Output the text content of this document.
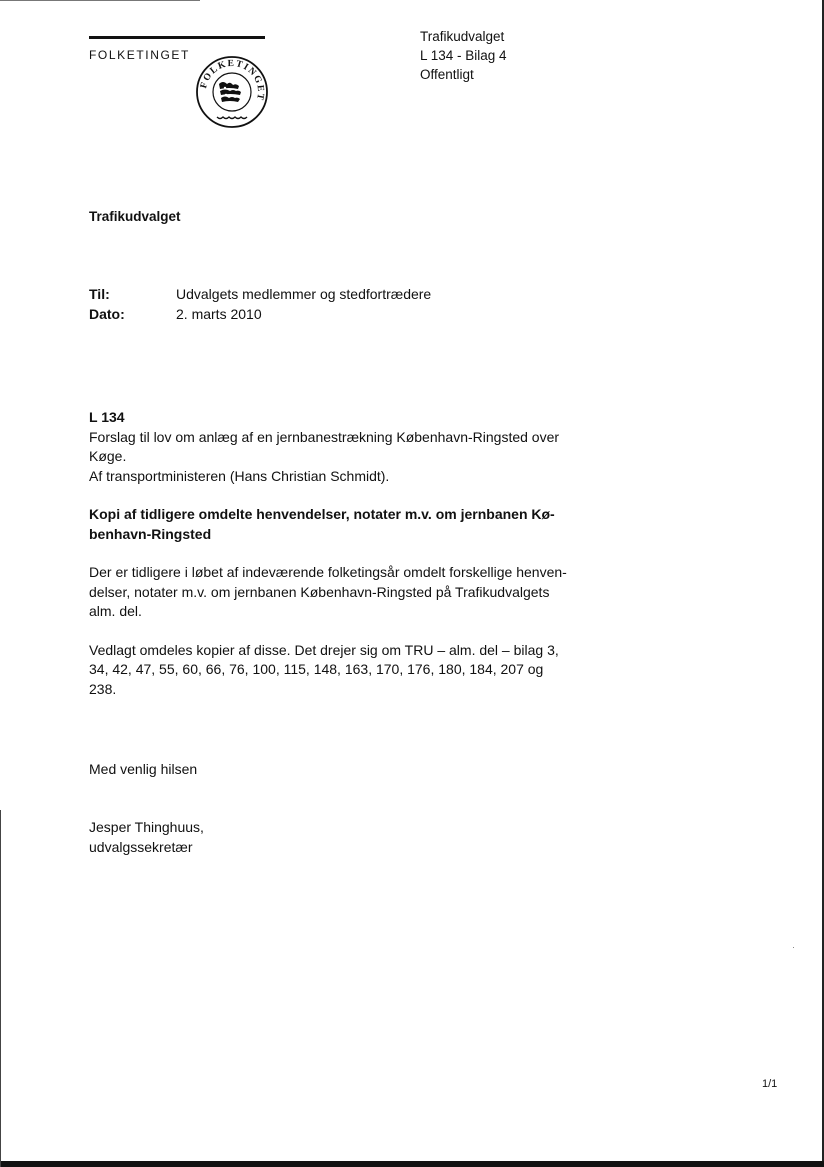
FOLKETINGET
FOLKETINGET
Trafikudvalget
L 134 - Bilag 4
Offentligt
Trafikudvalget
Til:	Udvalgets medlemmer og stedfortrædere
Dato:	2. marts 2010
L 134
Forslag til lov om anlæg af en jernbanestrækning København-Ringsted over
Køge.
Af transportministeren (Hans Christian Schmidt).
Kopi af tidligere omdelte henvendelser, notater m.v. om jernbanen Kø-
benhavn-Ringsted
Der er tidligere i løbet af indeværende folketingsår omdelt forskellige henven-
delser, notater m.v. om jernbanen København-Ringsted på Trafikudvalgets
alm. del.
Vedlagt omdeles kopier af disse. Det drejer sig om TRU – alm. del – bilag 3,
34, 42, 47, 55, 60, 66, 76, 100, 115, 148, 163, 170, 176, 180, 184, 207 og
238.
Med venlig hilsen
Jesper Thinghuus,
udvalgssekretær
1/1
